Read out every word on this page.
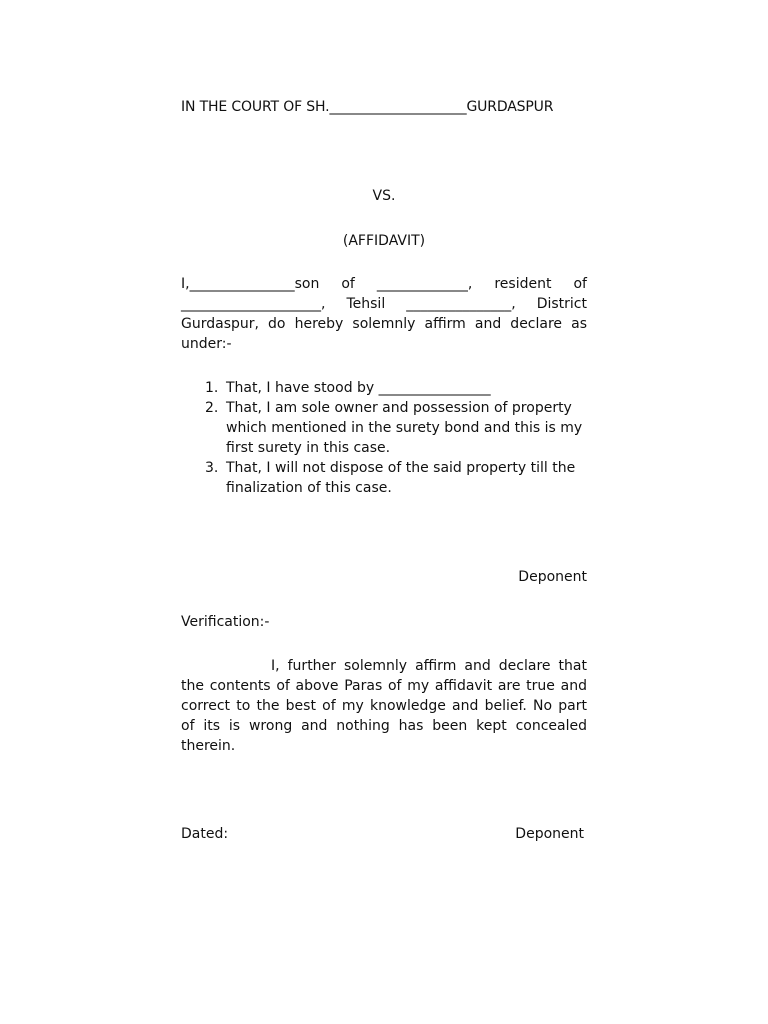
IN THE COURT OF SH.____________________GURDASPUR

VS.

(AFFIDAVIT)

I,_______________son of _____________, resident of ____________________, Tehsil _______________, District Gurdaspur, do hereby solemnly affirm and declare as under:-

1. That, I have stood by ________________
2. That, I am sole owner and possession of property which mentioned in the surety bond and this is my first surety in this case.
3. That, I will not dispose of the said property till the finalization of this case.

Deponent

Verification:-

I, further solemnly affirm and declare that the contents of above Paras of my affidavit are true and correct to the best of my knowledge and belief. No part of its is wrong and nothing has been kept concealed therein.

Dated:	Deponent
